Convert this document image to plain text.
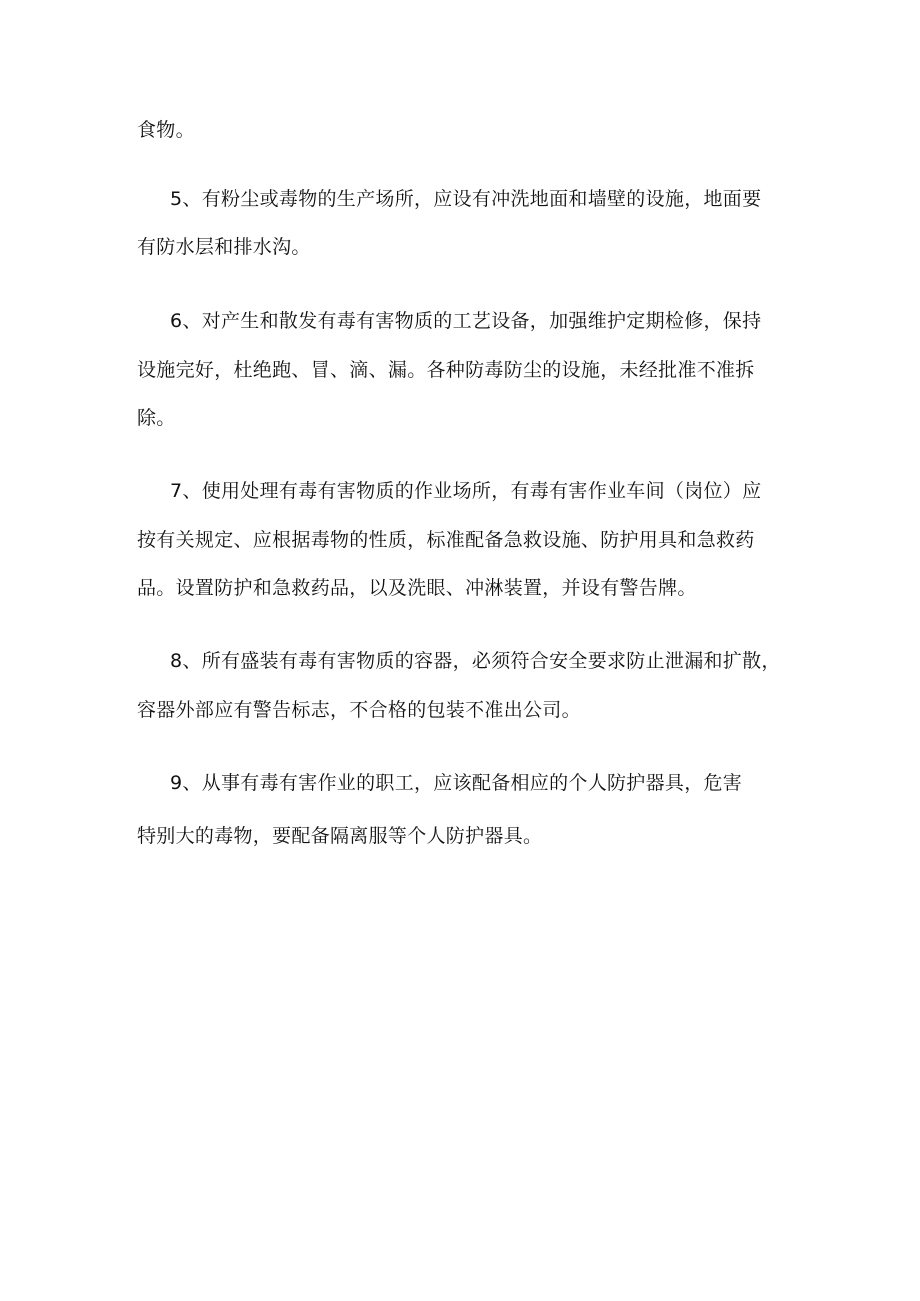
食物。
5、有粉尘或毒物的生产场所，应设有冲洗地面和墙壁的设施，地面要
有防水层和排水沟。
6、对产生和散发有毒有害物质的工艺设备，加强维护定期检修，保持
设施完好，杜绝跑、冒、滴、漏。各种防毒防尘的设施，未经批准不准拆
除。
7、使用处理有毒有害物质的作业场所，有毒有害作业车间（岗位）应
按有关规定、应根据毒物的性质，标准配备急救设施、防护用具和急救药
品。设置防护和急救药品，以及洗眼、冲淋装置，并设有警告牌。
8、所有盛装有毒有害物质的容器，必须符合安全要求防止泄漏和扩散，
容器外部应有警告标志，不合格的包装不准出公司。
9、从事有毒有害作业的职工，应该配备相应的个人防护器具，危害
特别大的毒物，要配备隔离服等个人防护器具。
